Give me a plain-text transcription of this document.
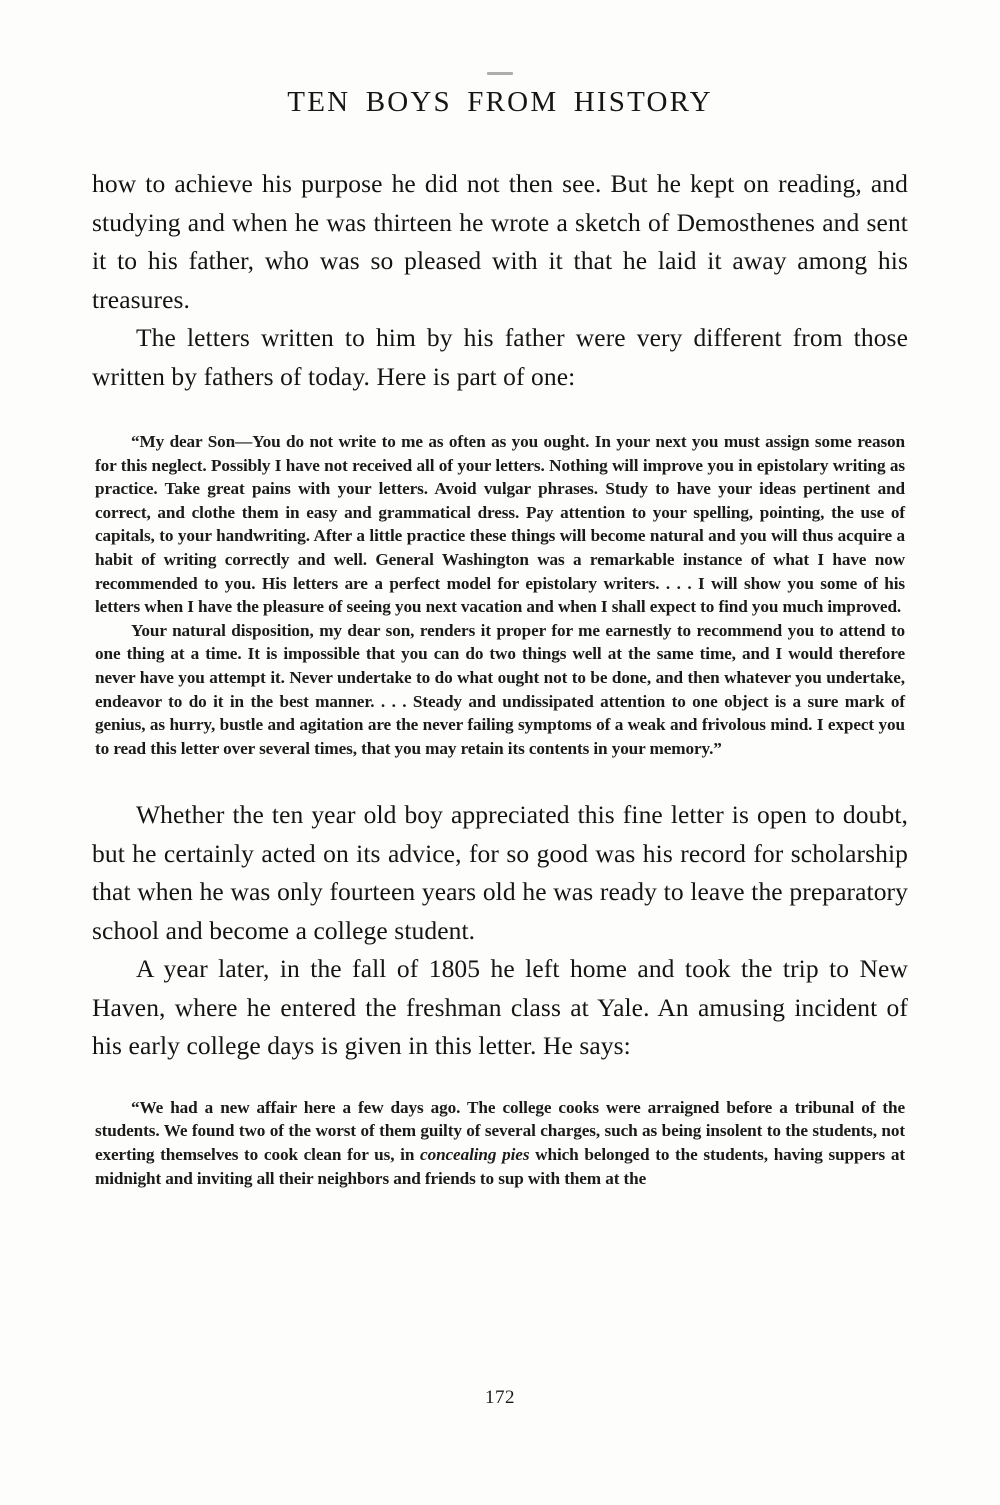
TEN BOYS FROM HISTORY

how to achieve his purpose he did not then see. But he kept on reading, and studying and when he was thirteen he wrote a sketch of Demosthenes and sent it to his father, who was so pleased with it that he laid it away among his treasures.

The letters written to him by his father were very different from those written by fathers of today. Here is part of one:

“My dear Son—You do not write to me as often as you ought. In your next you must assign some reason for this neglect. Possibly I have not received all of your letters. Nothing will improve you in epistolary writing as practice. Take great pains with your letters. Avoid vulgar phrases. Study to have your ideas pertinent and correct, and clothe them in easy and grammatical dress. Pay attention to your spelling, pointing, the use of capitals, to your handwriting. After a little practice these things will become natural and you will thus acquire a habit of writing correctly and well. General Washington was a remarkable instance of what I have now recommended to you. His letters are a perfect model for epistolary writers. . . . I will show you some of his letters when I have the pleasure of seeing you next vacation and when I shall expect to find you much improved.

Your natural disposition, my dear son, renders it proper for me earnestly to recommend you to attend to one thing at a time. It is impossible that you can do two things well at the same time, and I would therefore never have you attempt it. Never undertake to do what ought not to be done, and then whatever you undertake, endeavor to do it in the best manner. . . . Steady and undissipated attention to one object is a sure mark of genius, as hurry, bustle and agitation are the never failing symptoms of a weak and frivolous mind. I expect you to read this letter over several times, that you may retain its contents in your memory.”

Whether the ten year old boy appreciated this fine letter is open to doubt, but he certainly acted on its advice, for so good was his record for scholarship that when he was only fourteen years old he was ready to leave the preparatory school and become a college student.

A year later, in the fall of 1805 he left home and took the trip to New Haven, where he entered the freshman class at Yale. An amusing incident of his early college days is given in this letter. He says:

“We had a new affair here a few days ago. The college cooks were arraigned before a tribunal of the students. We found two of the worst of them guilty of several charges, such as being insolent to the students, not exerting themselves to cook clean for us, in concealing pies which belonged to the students, having suppers at midnight and inviting all their neighbors and friends to sup with them at the

172
